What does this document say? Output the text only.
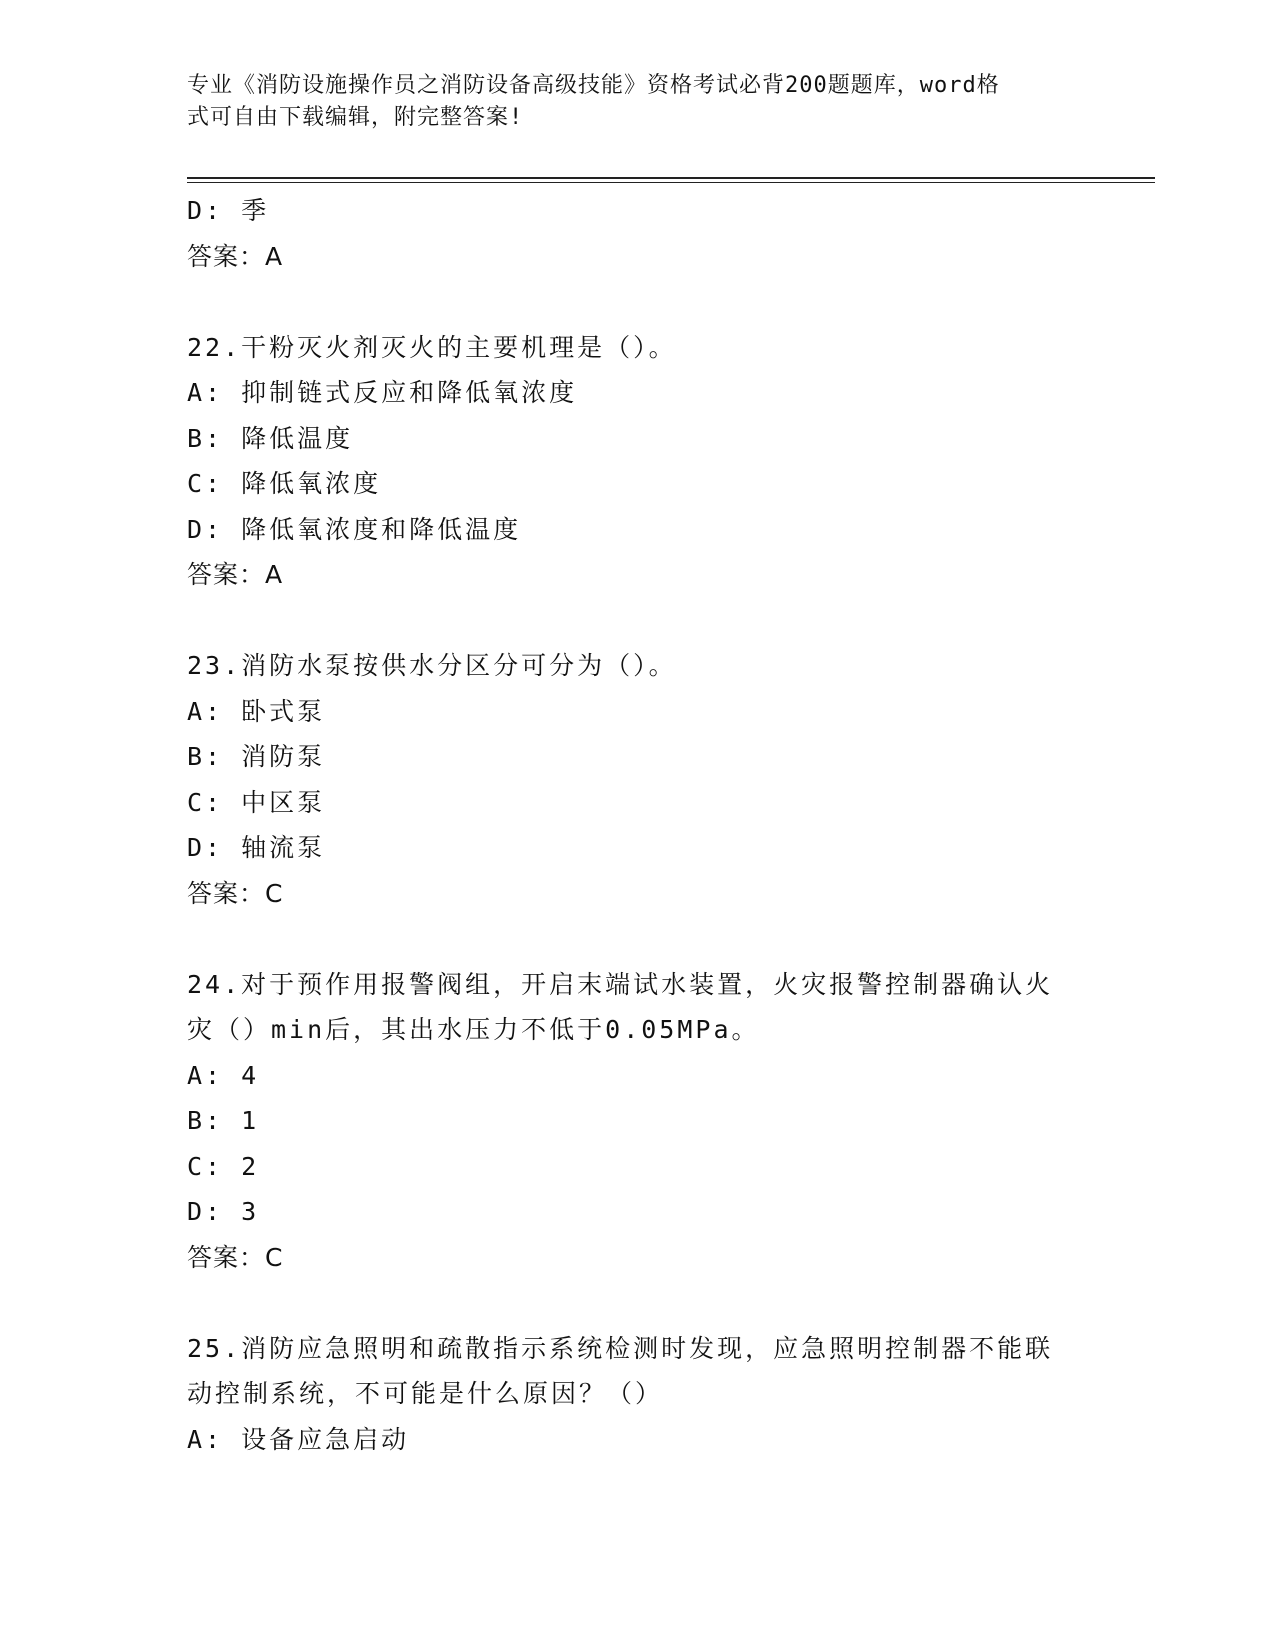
专业《消防设施操作员之消防设备高级技能》资格考试必背200题题库，word格
式可自由下载编辑，附完整答案!
D: 季
答案：A
22.干粉灭火剂灭火的主要机理是（）。
A: 抑制链式反应和降低氧浓度
B: 降低温度
C: 降低氧浓度
D: 降低氧浓度和降低温度
答案：A
23.消防水泵按供水分区分可分为（）。
A: 卧式泵
B: 消防泵
C: 中区泵
D: 轴流泵
答案：C
24.对于预作用报警阀组，开启末端试水装置，火灾报警控制器确认火
灾（）min后，其出水压力不低于0.05MPa。
A: 4
B: 1
C: 2
D: 3
答案：C
25.消防应急照明和疏散指示系统检测时发现，应急照明控制器不能联
动控制系统，不可能是什么原因？（）
A: 设备应急启动
